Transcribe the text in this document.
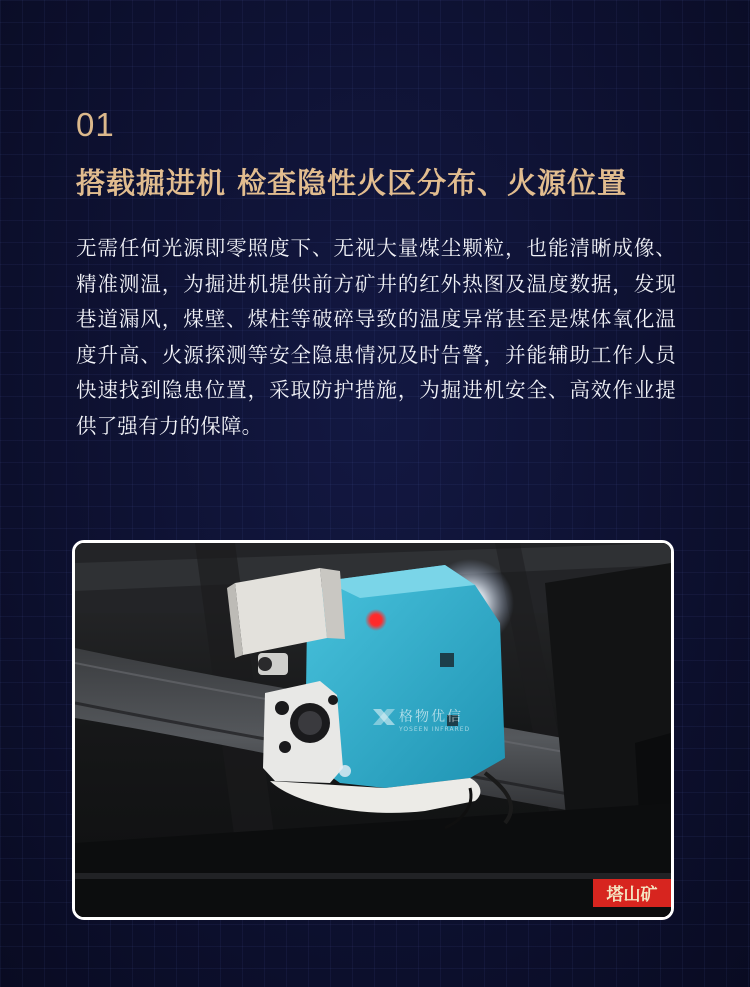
01
搭载掘进机 检查隐性火区分布、火源位置
无需任何光源即零照度下、无视大量煤尘颗粒，也能清晰成像、精准测温，为掘进机提供前方矿井的红外热图及温度数据，发现巷道漏风，煤壁、煤柱等破碎导致的温度异常甚至是煤体氧化温度升高、火源探测等安全隐患情况及时告警，并能辅助工作人员快速找到隐患位置，采取防护措施，为掘进机安全、高效作业提供了强有力的保障。
塔山矿
格物优信
YOSEEN INFRARED
